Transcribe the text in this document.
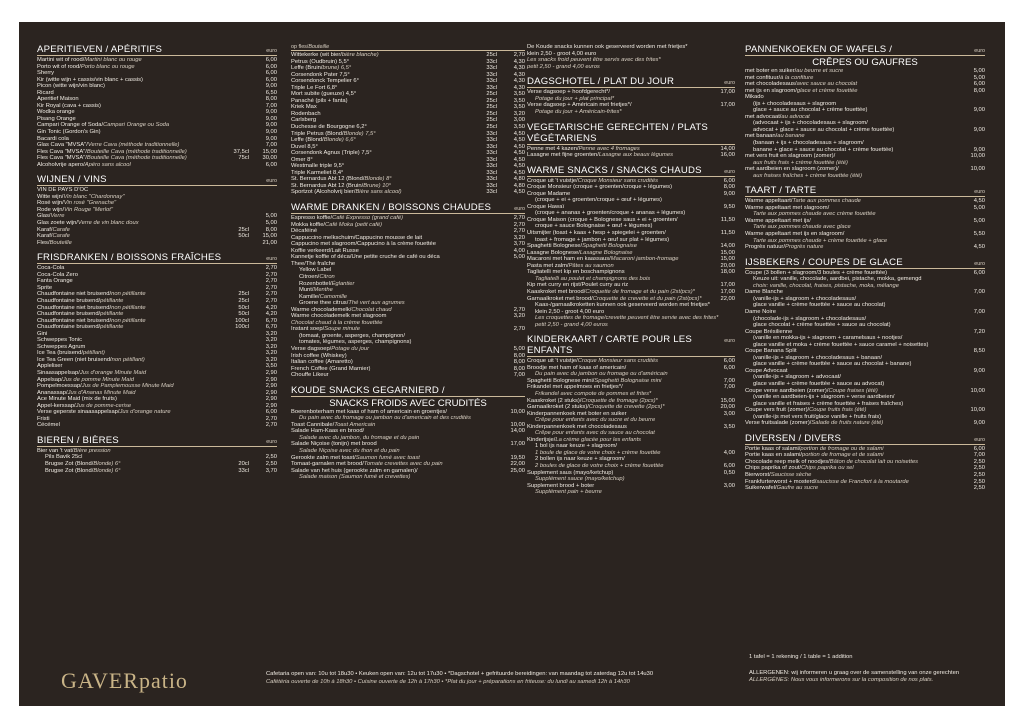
APERITIEVEN / APÉRITIFS	euro
Martini wit of rood/Martini blanc ou rouge	6,00
Porto wit of rood/Porto blanc ou rouge	6,00
Sherry	6,00
Kir (witte wijn + cassis/vin blanc + cassis)	6,00
Picon (witte wijn/vin blanc)	9,00
Ricard	6,50
Aperitief Maison	8,00
Kir Royal (cava + cassis)	7,00
Wodka orange	9,00
Pisang Orange	9,00
Campari Orange of Soda/Campari Orange ou Soda	9,00
Gin Tonic (Gordon's Gin)	9,00
Bacardi cola	9,00
Glas Cava "MVSA"/Verre Cava (méthode traditionnelle)	7,00
Fles Cava "MVSA"/Bouteille Cava (méthode traditionnelle)	37,5cl	15,00
Fles Cava "MVSA"/Bouteille Cava (méthode traditionnelle)	75cl	30,00
Alcoholvrije apero/Apéro sans alcool	6,00
WIJNEN / VINS	euro
VIN DE PAYS D'OC
Witte wijn/Vin blanc "Chardonnay"
Rosé wijn/Vin rosé "Grenache"
Rode wijn/Vin Rouge "Merlot"
Glas/Verre	5,00
Glas zoete wijn/Verre de vin blanc doux	5,00
Karaf/Carafe	25cl	8,00
Karaf/Carafe	50cl	15,00
Fles/Bouteille	21,00
FRISDRANKEN / BOISSONS FRAÎCHES	euro
Coca-Cola	2,70
Coca-Cola Zero	2,70
Fanta Orange	2,70
Sprite	2,70
Chaudfontaine niet bruisend/non pétillante	25cl	2,70
Chaudfontaine bruisend/pétillante	25cl	2,70
Chaudfontaine niet bruisend/non pétillante	50cl	4,20
Chaudfontaine bruisend/pétillante	50cl	4,20
Chaudfontaine niet bruisend/non pétillante	100cl	6,70
Chaudfontaine bruisend/pétillante	100cl	6,70
Gini	3,20
Schweppes Tonic	3,20
Schweppes Agrum	3,20
Ice Tea (bruisend/pétillant)	3,20
Ice Tea Green (niet bruisend/non pétillant)	3,20
Appleliser	3,50
Sinaasappelsap/Jus d'orange Minute Maid	2,90
Appelsap/Jus de pomme Minute Maid	2,90
Pompelmoessap/Jus de Pamplemousse Minute Maid	2,90
Ananassap/Jus d'Ananas Minute Maid	2,90
Ace Minute Maid (mix de fruits)	2,90
Appel-kerssap/Jus de pomme-cerise	2,90
Verse geperste sinaasappelsap/Jus d'orange nature	6,00
Fristi	2,70
Cécémel	2,70
BIEREN / BIÈRES	euro
Bier van 't vat/Bière pression
Pils Bavik 25cl	2,50
Brugse Zot (Blond/Blonde) 6°	20cl	2,50
Brugse Zot (Blond/Blonde) 6°	33cl	3,70
op fles/Bouteille
Wittekerke (wit bier/bière blanche)	25cl	2,70
Petrus (Oudbruin) 5,5°	33cl	4,30
Leffe (Bruin/brune) 6,5°	33cl	4,30
Corsendonk Pater 7,5°	33cl	4,30
Corsendonck Tempelier 6°	33cl	4,30
Triple Le Fort 6,8°	33cl	4,30
Mort subite (gueuze) 4,5°	25cl	3,50
Panaché (pils + fanta)	25cl	3,50
Kriek Max	25cl	3,50
Rodenbach	25cl	3,20
Carlsberg	25cl	3,00
Duchesse de Bourgogne 6,2°	25cl	3,50
Triple Petrus (Blond/Blonde) 7,5°	33cl	4,50
Leffe (Blond/Blonde) 6,6°	33cl	4,50
Duvel 8,5°	33cl	4,50
Corsendonk Agnus (Triple) 7,5°	33cl	4,50
Omer 8°	33cl	4,50
Westmalle triple 9,5°	33cl	4,50
Triple Karmeliet 8,4°	33cl	4,50
St. Bernardus Abt 12 (Blond/Blonde) 8°	33cl	4,80
St. Bernardus Abt 12 (Bruin/Brune) 10°	33cl	4,80
Sportzot (Alcoholvrij bier/Bière sans alcool)	33cl	4,50
WARME DRANKEN / BOISSONS CHAUDES	euro
Espresso koffie/Café Expresso (grand café)	2,70
Mokka koffie/Café Moka (petit café)	2,70
Décaféiné	2,70
Cappuccino melkschuim/Cappucino mousse de lait	3,20
Cappucino met slagroom/Cappucino à la crème fouettée	3,70
Koffie verkeerd/Lait Russe	4,00
Kannetje koffie of déca/Une petite cruche de café ou déca	5,00
Thee/Thé fraîche
Yellow Label
Citroen/Citron
Rozenbottel/Églantier
Munt/Menthe
Kamille/Camomille
Groene thee citrus/Thé vert aux agrumes
Warme chocolademelk/Chocolat chaud	2,70
Warme chocolademelk met slagroom	3,20
Chocolat chaud à la crème fouettée
Instant soep/Soupe minute	2,70
(tomaat, groente, asperges, champignon/
tomates, légumes, asperges, champignons)
Verse dagsoep/Potage du jour	5,00
Irish coffee (Whiskey)	8,00
Italian coffee (Amaretto)	8,00
French Coffee (Grand Marnier)	8,00
Chouffe Likeur	7,00
KOUDE SNACKS GEGARNIERD /
SNACKS FROIDS AVEC CRUDITÉS
Boerenboterham met kaas of ham of americain en groentjes/	10,00
Du pain avec du fromage ou jambon ou d'americain et des crudités
Toast Cannibale/Toast Americain	10,00
Salade Ham-Kaas en brood/	14,00
Salade avec du jambon, du fromage et du pain
Salade Niçoise (tonijn) met brood	17,00
Salade Niçoise avec du thon et du pain
Gerookte zalm met toast/Saumon fumé avec toast	19,50
Tomaat-garnalen met brood/Tomate crevettes avec du pain	22,00
Salade van het huis (gerookte zalm en garnalen)/	25,00
Salade maison (Saumon fumé et crevettes)
De Koude snacks kunnen ook geserveerd worden met frietjes*
klein 2,50 - groot 4,00 euro
Les snacks froid peuvent être servis avec des frites*
petit 2,50 - grand 4,00 euros
DAGSCHOTEL / PLAT DU JOUR	euro
Verse dagsoep + hoofdgerecht*/	17,00
Potage du jour + plat principal*
Verse dagsoep + Américain met frietjes*/	17,00
Potage du jour + Américain-frites*
VEGETARISCHE GERECHTEN / PLATS VÉGÉTARIENS
Penne met 4 kazen/Penne avec 4 fromages	14,00
Lasagne met fijne groenten/Lasagne aux beaux légumes	16,00
WARME SNACKS / SNACKS CHAUDS	euro
Croque uit 't vuistje/Croque Monsieur sans crudités	6,00
Croque Monsieur (croque + groenten/croque + légumes)	8,00
Croque Madame	9,00
(croque + ei + groenten/croque + œuf + légumes)
Croque Hawaï	9,50
(croque + ananas + groenten/croque + ananas + légumes)
Croque Maison (croque + Bolognese saus + ei + groenten/	11,50
croque + sauce Bolognaise + œuf + légumes)
Uitsmijter (toast + kaas + hesp + spiegelei + groenten/	11,50
toast + fromage + jambon + œuf sur plat + légumes)
Spaghetti Bolognese/Spaghetti Bolognaise	14,00
Lasagne Bolognese/Lasagne Bolognaise	15,00
Macaroni met ham en kaassaus/Macaroni jambon-fromage	15,00
Pasta met zalm/Pâtes au saumon	20,00
Tagliatelli met kip en boschampignons	18,00
Tagliatelli au poulet et champignons des bois
Kip met curry en rijst/Poulet curry au riz	17,00
Kaaskroket met brood/Croquette de fromage et du pain (2st/pcs)*	17,00
Garnaalkroket met brood/Croquette de crevette et du pain (2st/pcs)*	22,00
Kaas-/garnaalkroketten kunnen ook geserveerd worden met frietjes*
klein 2,50 - groot 4,00 euro
Les croquettes de fromage/crevette peuvent être servie avec des frites*
petit 2,50 - grand 4,00 euros
KINDERKAART / CARTE POUR LES ENFANTS
euro
Croque uit 't vuistje/Croque Monsieur sans crudités	6,00
Broodje met ham of kaas of americain/	6,00
Du pain avec du jambon ou fromage ou d'américain
Spaghetti Bolognese mini/Spaghetti Bolognaise mini	7,00
Frikandel met appelmoes en frietjes*/	7,00
Frikandel avec compote de pommes et frites*
Kaaskroket (2 stuks)/Croquette de fromage (2pcs)*	15,00
Garnaalkroket (2 stuks)/Croquette de crevette (2pcs)*	20,00
Kinderpannenkoek met boter en suiker	3,00
Crêpe pour enfants avec du sucre et du beurre
Kinderpannenkoek met chocoladesaus	3,50
Crêpe pour enfants avec du sauce au chocolat
Kinderijsje/La crème glacée pour les enfants
1 bol ijs naar keuze + slagroom/
1 boule de glace de votre choix + crème fouettée	4,00
2 bollen ijs naar keuze + slagroom/
2 boules de glace de votre choix + crème fouettée	6,00
Supplement saus (mayo/ketchup)	0,50
Supplément sauce (mayo/ketchup)
Supplement brood + boter	3,00
Supplément pain + beurre
PANNENKOEKEN OF WAFELS /	euro
CRÊPES OU GAUFRES
met boter en suiker/au beurre et sucre	5,00
met confituur/à la confiture	5,00
met chocoladesaus/avec sauce au chocolat	6,00
met ijs en slagroom/glace et crème fouettée	8,00
Mikado
(ijs + chocoladesaus + slagroom
glace + sauce au chocolat + crème fouettée)	9,00
met advocaat/au advocat
(advocaat + ijs + chocoladesaus + slagroom/
advocat + glace + sauce au chocolat + crème fouettée)	9,00
met banaan/au banane
(banaan + ijs + chocoladesaus + slagroom/
banane + glace + sauce au chocolat + crème fouettée)	9,00
met vers fruit en slagroom (zomer)/	10,00
aux fruits frais + crème fouettée (été)
met aardbeien en slagroom (zomer)/	10,00
aux fraises fraîches + crème fouettée (été)
TAART / TARTE	euro
Warme appeltaart/Tarte aux pommes chaude	4,50
Warme appeltaart met slagroom/	5,00
Tarte aux pommes chaude avec crème fouettée
Warme appeltaart met ijs/	5,00
Tarte aux pommes chaude avec glace
Warme appeltaart met ijs en slagroom/	5,50
Tarte aux pommes chaude + crème fouettée + glace
Progrès natuur/Progrès nature	4,50
IJSBEKERS / COUPES DE GLACE	euro
Coupe (3 bollen + slagroom/3 boules + crème fouettée)	6,00
Keuze uit: vanille, chocolade, aardbei, pistache, mokka, gemengd
choix: vanille, chocolat, fraises, pistache, moka, mélange
Dame Blanche	7,00
(vanille-ijs + slagroom + chocoladesaus/
glace vanille + crème fouettée + sauce au chocolat)
Dame Noire	7,00
(chocolade-ijs + slagroom + chocoladesaus/
glace chocolat + crème fouettée + sauce au chocolat)
Coupe Brésilienne	7,20
(vanille en mokka-ijs + slagroom + caramelsaus + nootjes/
glace vanille et moka + crème fouettée + sauce caramel + noisettes)
Coupe Banana Split	8,50
(vanille-ijs + slagroom + chocoladesaus + banaan/
glace vanille + crème fouettée + sauce au chocolat + banane)
Coupe Advocaat	9,00
(vanille-ijs + slagroom + advocaat/
glace vanille + crème fouettée + sauce au advocat)
Coupe verse aardbeien (zomer)/Coupe fraises (été)	10,00
(vanille en aardbeien-ijs + slagroom + verse aardbeien/
glace vanille et fraises + crème fouettée + fraises fraîches)
Coupe vers fruit (zomer)/Coupe fruits frais (été)	10,00
(vanille-ijs met vers fruit/glace vanille + fruits frais)
Verse fruitsalade (zomer)/Salade de fruits nature (été)	9,00
DIVERSEN / DIVERS	euro
Portie kaas of salami/portion de fromage ou de salami	6,00
Portie kaas en salami/portion de fromage et de salami	7,00
Chocolade reep melk of noodjes/Bâton de chocolat lait ou noisettes	2,50
Chips paprika of zout/Chips paprika ou sel	2,50
Bierworst/Saucisse sèche	2,50
Frankfurterworst + mosterd/saucisse de Francfort à la moutarde	2,50
Suikerwafel/Gaufre au sucre	2,50
GAVERpatio	Cafetaria open van: 10u tot 18u30 • Keuken open van: 12u tot 17u30 • *Dagschotel + gefrituurde bereidingen: van maandag tot zaterdag 12u tot 14u30
Cafétéria ouverte de 10h à 18h30 • Cuisine ouverte de 12h à 17h30 • *Plat du jour + préparations en friteuse: du lundi au samedi 12h à 14h30
1 tafel = 1 rekening / 1 table = 1 addition
ALLERGENEN: wij informeren u graag over de samenstelling van onze gerechten
ALLERGÈNES: Nous vous informerons sur la composition de nos plats.
